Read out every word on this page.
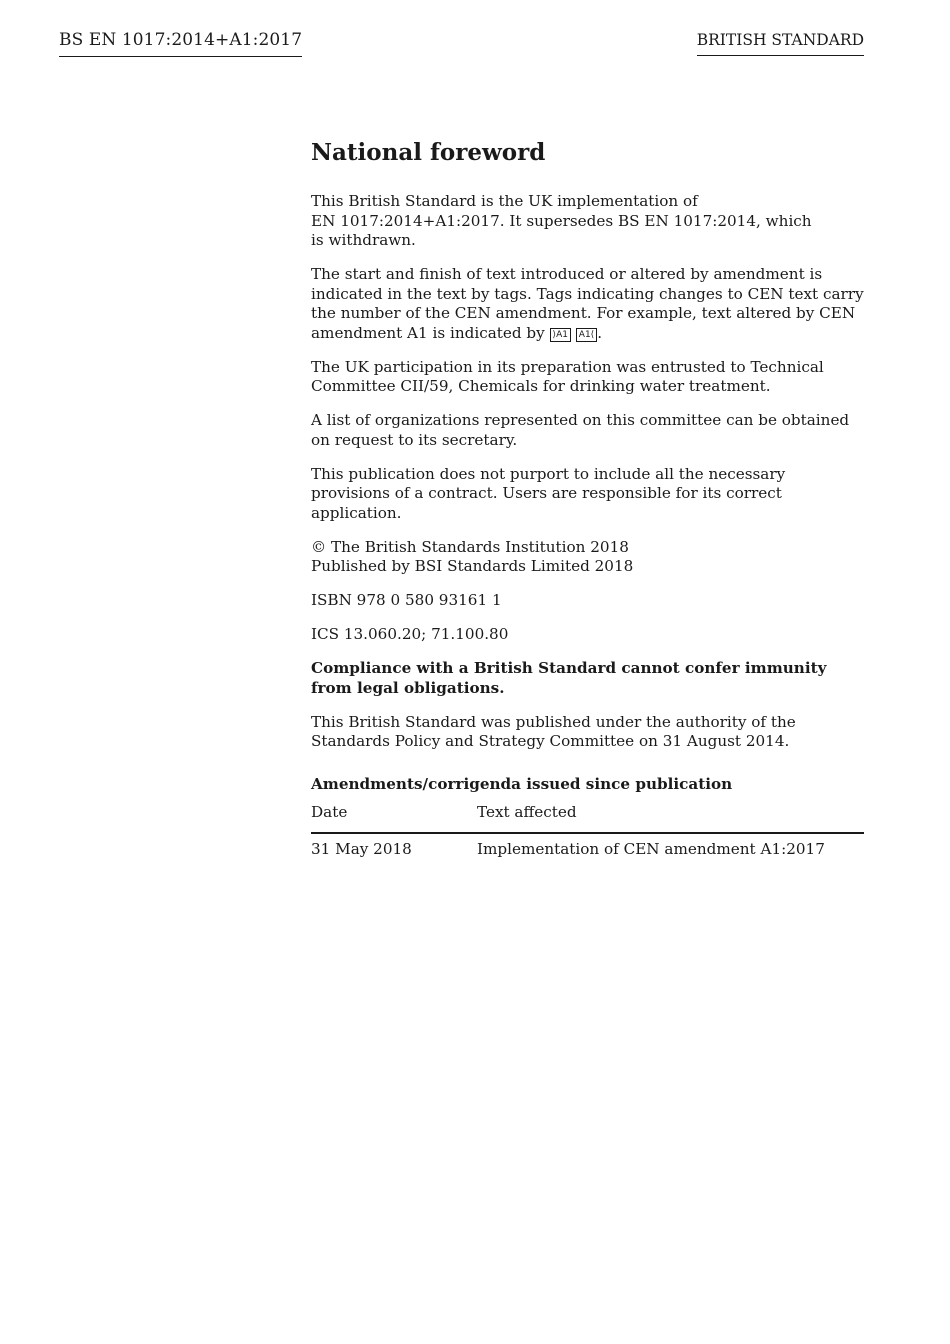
BS EN 1017:2014+A1:2017	BRITISH STANDARD
National foreword

This British Standard is the UK implementation of
EN 1017:2014+A1:2017. It supersedes BS EN 1017:2014, which
is withdrawn.

The start and finish of text introduced or altered by amendment is indicated in the text by tags. Tags indicating changes to CEN text carry the number of the CEN amendment. For example, text altered by CEN amendment A1 is indicated by ⟩A1 A1⟨ .

The UK participation in its preparation was entrusted to Technical Committee CII/59, Chemicals for drinking water treatment.

A list of organizations represented on this committee can be obtained on request to its secretary.

This publication does not purport to include all the necessary provisions of a contract. Users are responsible for its correct application.

© The British Standards Institution 2018
Published by BSI Standards Limited 2018

ISBN 978 0 580 93161 1

ICS 13.060.20; 71.100.80

Compliance with a British Standard cannot confer immunity from legal obligations.

This British Standard was published under the authority of the Standards Policy and Strategy Committee on 31 August 2014.

Amendments/corrigenda issued since publication
Date	Text affected
31 May 2018	Implementation of CEN amendment A1:2017
